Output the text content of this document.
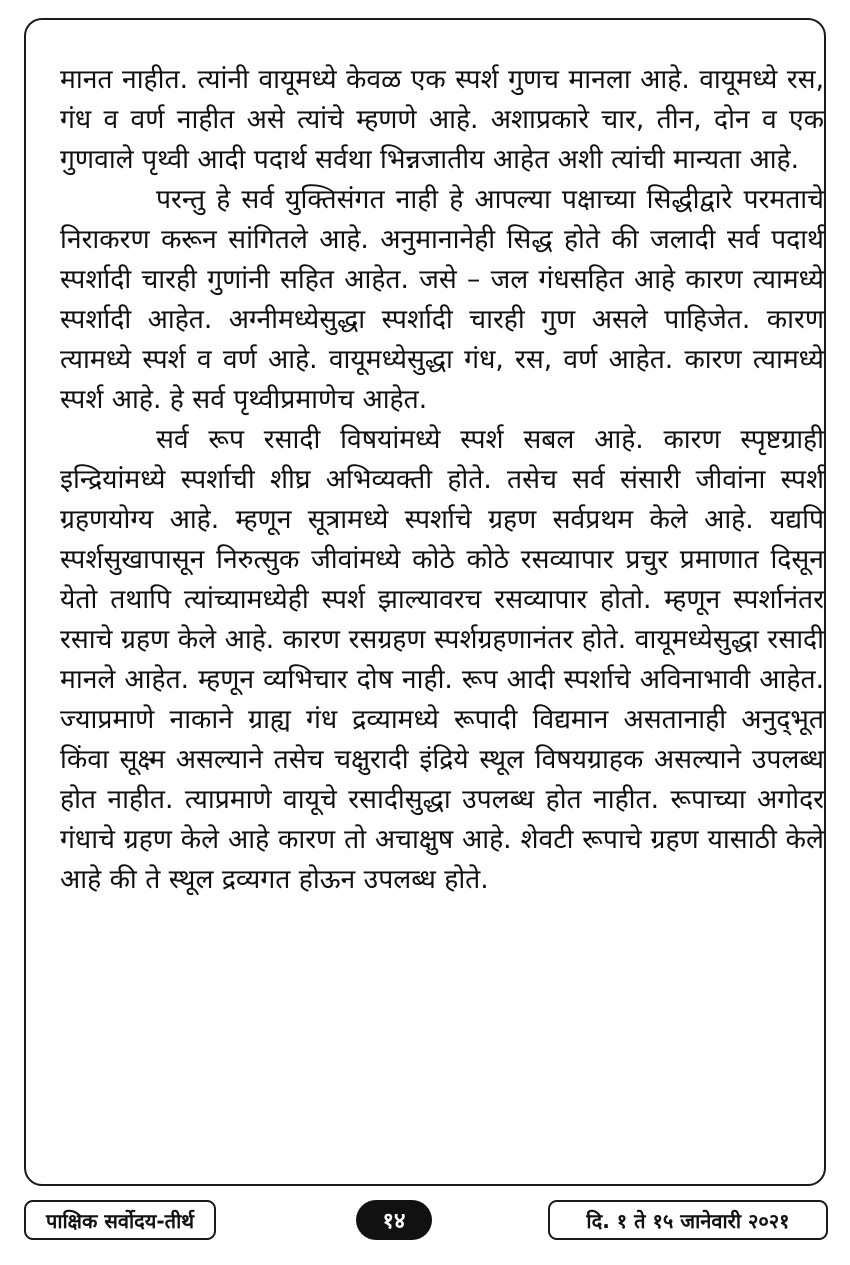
मानत नाहीत. त्यांनी वायूमध्ये केवळ एक स्पर्श गुणच मानला आहे. वायूमध्ये रस, गंध व वर्ण नाहीत असे त्यांचे म्हणणे आहे. अशाप्रकारे चार, तीन, दोन व एक गुणवाले पृथ्वी आदी पदार्थ सर्वथा भिन्नजातीय आहेत अशी त्यांची मान्यता आहे.

परन्तु हे सर्व युक्तिसंगत नाही हे आपल्या पक्षाच्या सिद्धीद्वारे परमताचे निराकरण करून सांगितले आहे. अनुमानानेही सिद्ध होते की जलादी सर्व पदार्थ स्पर्शादी चारही गुणांनी सहित आहेत. जसे – जल गंधसहित आहे कारण त्यामध्ये स्पर्शादी आहेत. अग्नीमध्येसुद्धा स्पर्शादी चारही गुण असले पाहिजेत. कारण त्यामध्ये स्पर्श व वर्ण आहे. वायूमध्येसुद्धा गंध, रस, वर्ण आहेत. कारण त्यामध्ये स्पर्श आहे. हे सर्व पृथ्वीप्रमाणेच आहेत.

सर्व रूप रसादी विषयांमध्ये स्पर्श सबल आहे. कारण स्पृष्टग्राही इन्द्रियांमध्ये स्पर्शाची शीघ्र अभिव्यक्ती होते. तसेच सर्व संसारी जीवांना स्पर्श ग्रहणयोग्य आहे. म्हणून सूत्रामध्ये स्पर्शाचे ग्रहण सर्वप्रथम केले आहे. यद्यपि स्पर्शसुखापासून निरुत्सुक जीवांमध्ये कोठे कोठे रसव्यापार प्रचुर प्रमाणात दिसून येतो तथापि त्यांच्यामध्येही स्पर्श झाल्यावरच रसव्यापार होतो. म्हणून स्पर्शानंतर रसाचे ग्रहण केले आहे. कारण रसग्रहण स्पर्शग्रहणानंतर होते. वायूमध्येसुद्धा रसादी मानले आहेत. म्हणून व्यभिचार दोष नाही. रूप आदी स्पर्शाचे अविनाभावी आहेत. ज्याप्रमाणे नाकाने ग्राह्य गंध द्रव्यामध्ये रूपादी विद्यमान असतानाही अनुद्‌भूत किंवा सूक्ष्म असल्याने तसेच चक्षुरादी इंद्रिये स्थूल विषयग्राहक असल्याने उपलब्ध होत नाहीत. त्याप्रमाणे वायूचे रसादीसुद्धा उपलब्ध होत नाहीत. रूपाच्या अगोदर गंधाचे ग्रहण केले आहे कारण तो अचाक्षुष आहे. शेवटी रूपाचे ग्रहण यासाठी केले आहे की ते स्थूल द्रव्यगत होऊन उपलब्ध होते.

पाक्षिक सर्वोदय-तीर्थ	१४	दि. १ ते १५ जानेवारी २०२१
